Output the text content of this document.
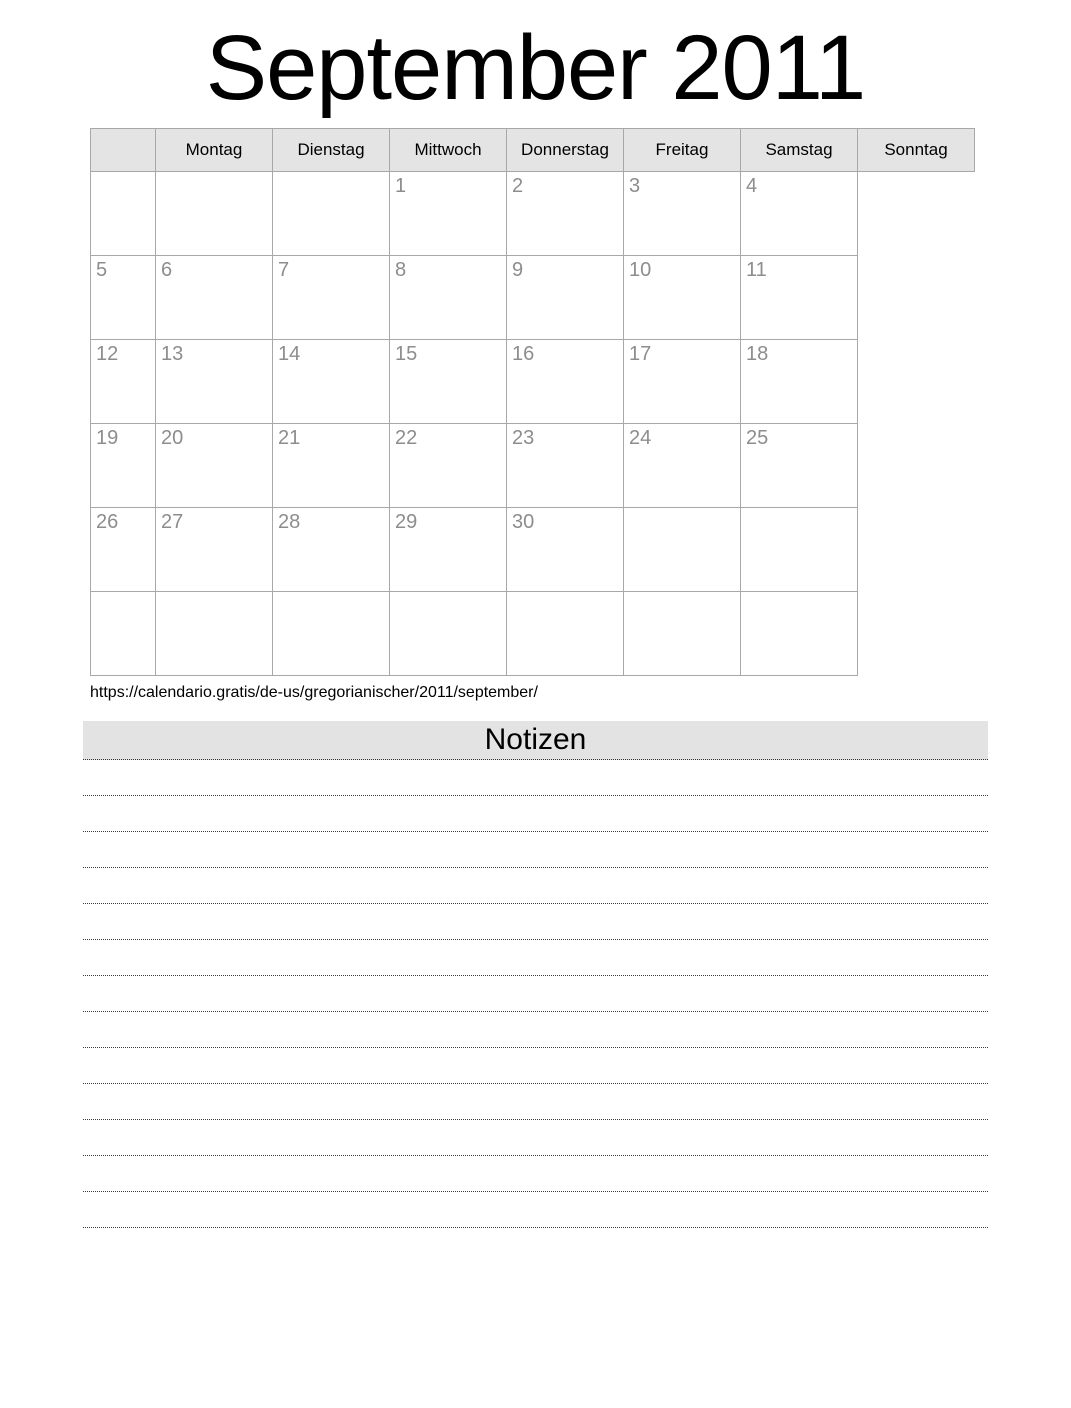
September 2011
	Montag	Dienstag	Mittwoch	Donnerstag	Freitag	Samstag	Sonntag
			1	2	3	4	
5	6	7	8	9	10	11	
12	13	14	15	16	17	18	
19	20	21	22	23	24	25	
26	27	28	29	30			

https://calendario.gratis/de-us/gregorianischer/2011/september/
Notizen
